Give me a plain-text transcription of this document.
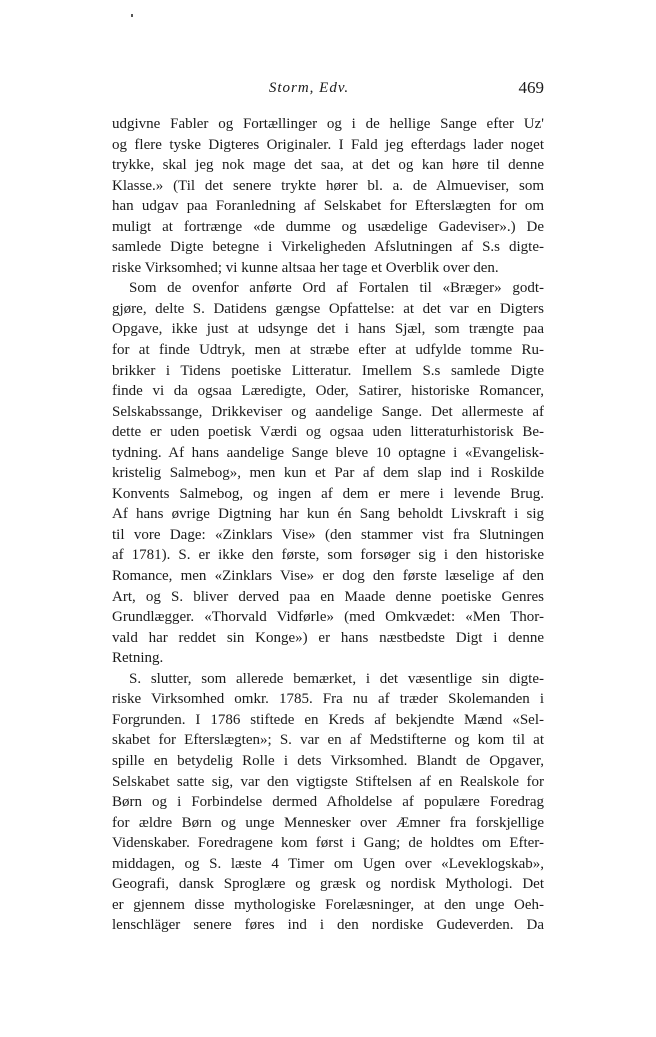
Storm, Edv.	469
udgivne Fabler og Fortællinger og i de hellige Sange efter Uz'
og flere tyske Digteres Originaler. I Fald jeg efterdags lader noget
trykke, skal jeg nok mage det saa, at det og kan høre til denne
Klasse.» (Til det senere trykte hører bl. a. de Almueviser, som
han udgav paa Foranledning af Selskabet for Efterslægten for om
muligt at fortrænge «de dumme og usædelige Gadeviser».) De
samlede Digte betegne i Virkeligheden Afslutningen af S.s digte-
riske Virksomhed; vi kunne altsaa her tage et Overblik over den.
Som de ovenfor anførte Ord af Fortalen til «Bræger» godt-
gjøre, delte S. Datidens gængse Opfattelse: at det var en Digters
Opgave, ikke just at udsynge det i hans Sjæl, som trængte paa
for at finde Udtryk, men at stræbe efter at udfylde tomme Ru-
brikker i Tidens poetiske Litteratur. Imellem S.s samlede Digte
finde vi da ogsaa Læredigte, Oder, Satirer, historiske Romancer,
Selskabssange, Drikkeviser og aandelige Sange. Det allermeste af
dette er uden poetisk Værdi og ogsaa uden litteraturhistorisk Be-
tydning. Af hans aandelige Sange bleve 10 optagne i «Evangelisk-
kristelig Salmebog», men kun et Par af dem slap ind i Roskilde
Konvents Salmebog, og ingen af dem er mere i levende Brug.
Af hans øvrige Digtning har kun én Sang beholdt Livskraft i sig
til vore Dage: «Zinklars Vise» (den stammer vist fra Slutningen
af 1781). S. er ikke den første, som forsøger sig i den historiske
Romance, men «Zinklars Vise» er dog den første læselige af den
Art, og S. bliver derved paa en Maade denne poetiske Genres
Grundlægger. «Thorvald Vidførle» (med Omkvædet: «Men Thor-
vald har reddet sin Konge») er hans næstbedste Digt i denne
Retning.
S. slutter, som allerede bemærket, i det væsentlige sin digte-
riske Virksomhed omkr. 1785. Fra nu af træder Skolemanden i
Forgrunden. I 1786 stiftede en Kreds af bekjendte Mænd «Sel-
skabet for Efterslægten»; S. var en af Medstifterne og kom til at
spille en betydelig Rolle i dets Virksomhed. Blandt de Opgaver,
Selskabet satte sig, var den vigtigste Stiftelsen af en Realskole for
Børn og i Forbindelse dermed Afholdelse af populære Foredrag
for ældre Børn og unge Mennesker over Æmner fra forskjellige
Videnskaber. Foredragene kom først i Gang; de holdtes om Efter-
middagen, og S. læste 4 Timer om Ugen over «Leveklogskab»,
Geografi, dansk Sproglære og græsk og nordisk Mythologi. Det
er gjennem disse mythologiske Forelæsninger, at den unge Oeh-
lenschläger senere føres ind i den nordiske Gudeverden. Da
